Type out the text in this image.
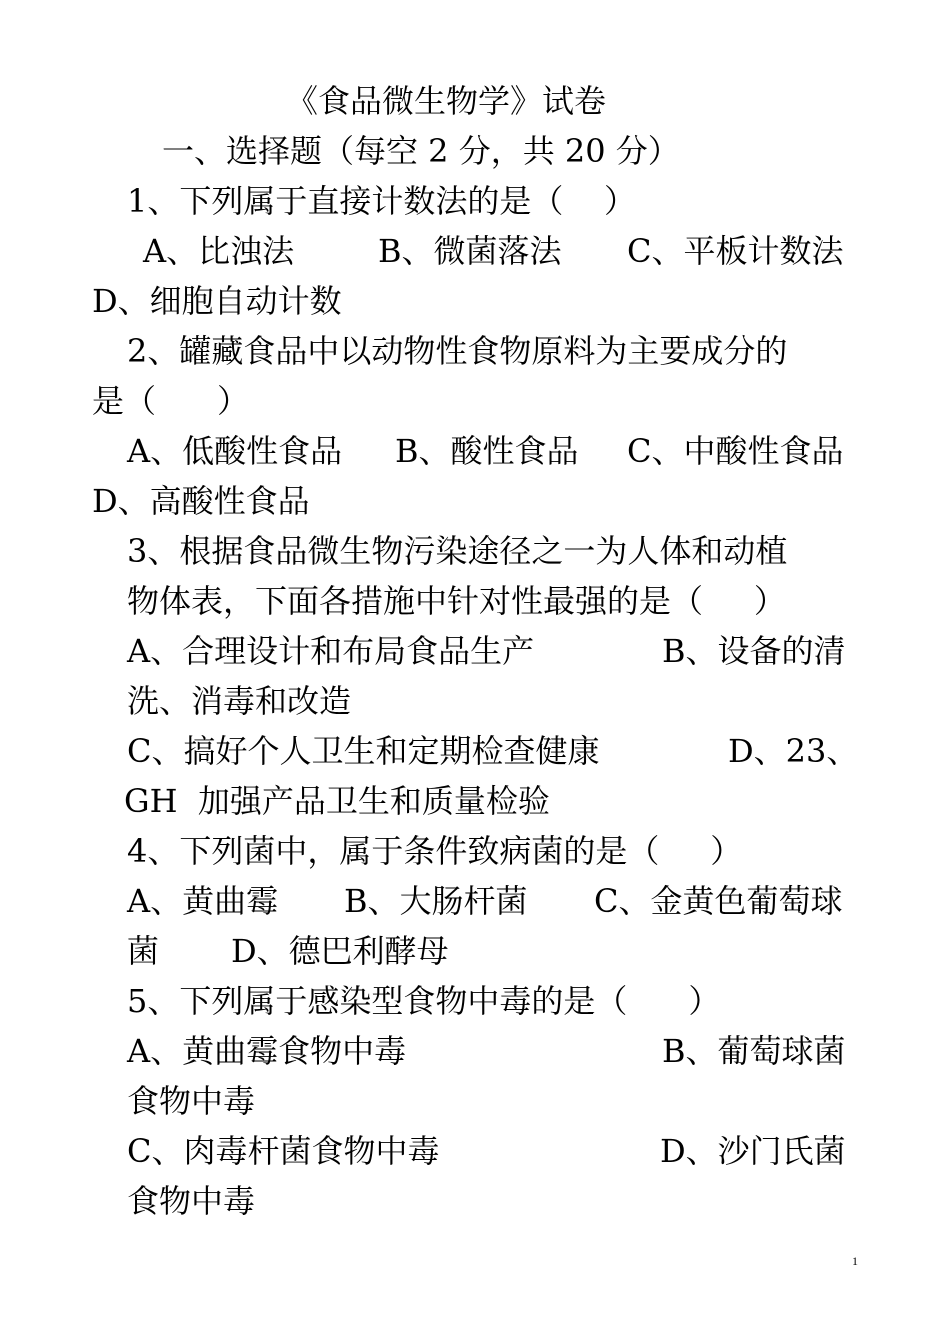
《食品微生物学》试卷
一、选择题（每空 2 分，共 20 分）
1、下列属于直接计数法的是（    ）
A、比浊法	B、微菌落法 C、平板计数法
D、细胞自动计数
2、罐藏食品中以动物性食物原料为主要成分的
是（      ）
A、低酸性食品 B、酸性食品 C、中酸性食品
D、高酸性食品
3、根据食品微生物污染途径之一为人体和动植
物体表，下面各措施中针对性最强的是（     ）
A、合理设计和布局食品生产	B、设备的清
洗、消毒和改造
C、搞好个人卫生和定期检查健康	D、23、
GH  加强产品卫生和质量检验
4、下列菌中，属于条件致病菌的是（     ）
A、黄曲霉 B、大肠杆菌 C、金黄色葡萄球
菌 D、德巴利酵母
5、下列属于感染型食物中毒的是（      ）
A、黄曲霉食物中毒	B、葡萄球菌
食物中毒
C、肉毒杆菌食物中毒	D、沙门氏菌
食物中毒
1
